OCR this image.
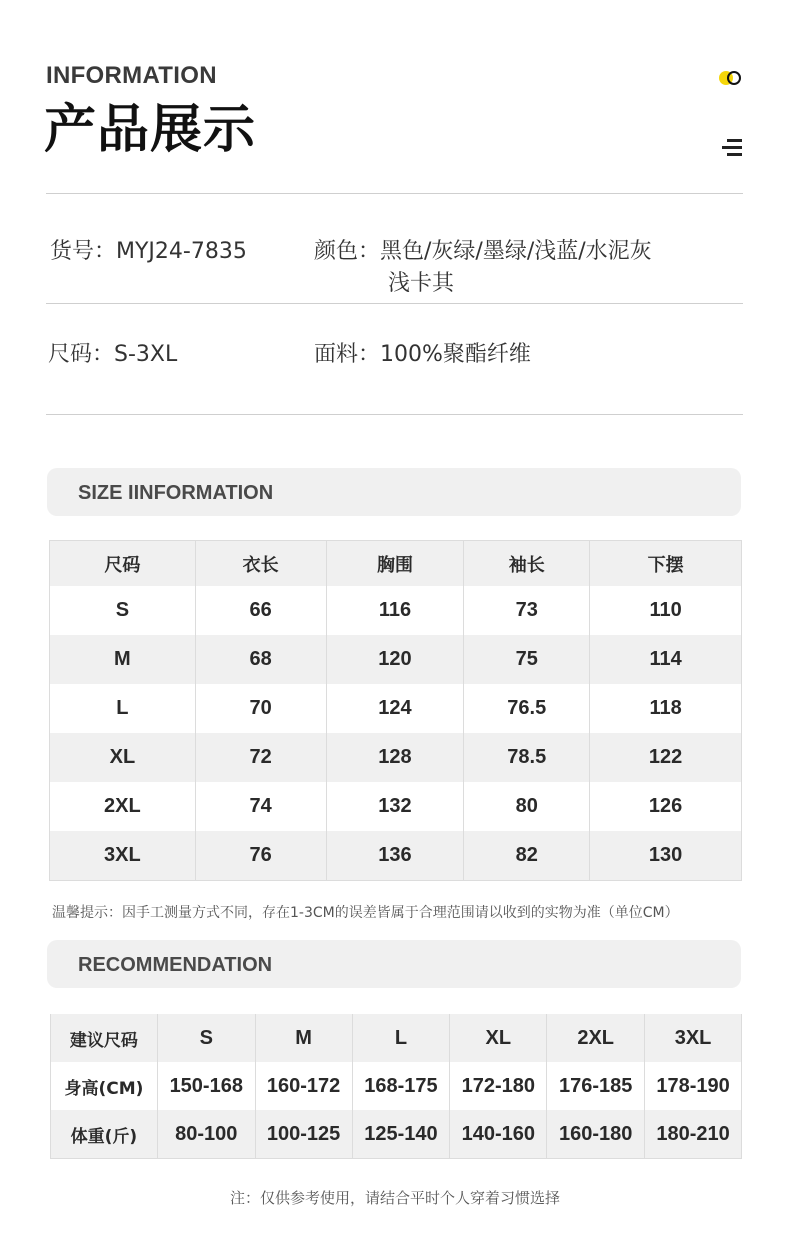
INFORMATION
产品展示
货号：MYJ24-7835	颜色：黑色/灰绿/墨绿/浅蓝/水泥灰
浅卡其
尺码：S-3XL	面料：100%聚酯纤维
SIZE IINFORMATION
尺码	衣长	胸围	袖长	下摆
S	66	116	73	110
M	68	120	75	114
L	70	124	76.5	118
XL	72	128	78.5	122
2XL	74	132	80	126
3XL	76	136	82	130
温馨提示：因手工测量方式不同，存在1-3CM的误差皆属于合理范围请以收到的实物为准（单位CM）
RECOMMENDATION
建议尺码	S	M	L	XL	2XL	3XL
身高(CM)	150-168	160-172	168-175	172-180	176-185	178-190
体重(斤)	80-100	100-125	125-140	140-160	160-180	180-210
注：仅供参考使用，请结合平时个人穿着习惯选择
